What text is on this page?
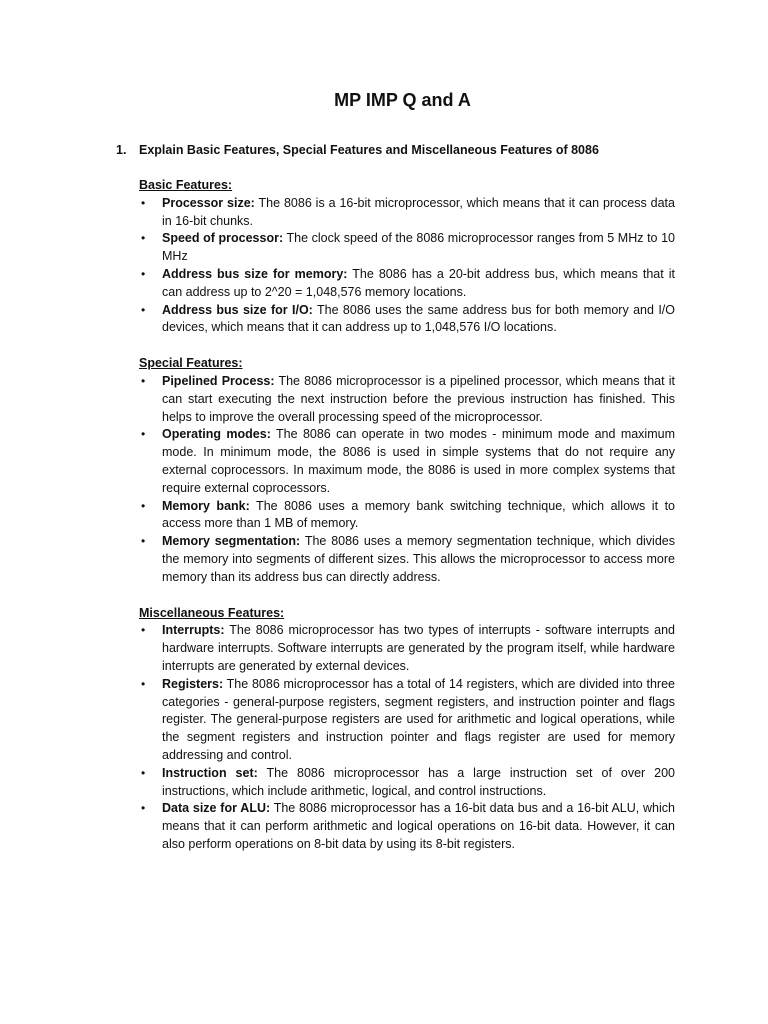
MP IMP Q and A
1.	Explain Basic Features, Special Features and Miscellaneous Features of 8086

Basic Features:

• Processor size: The 8086 is a 16-bit microprocessor, which means that it can process data in 16-bit chunks.
• Speed of processor: The clock speed of the 8086 microprocessor ranges from 5 MHz to 10 MHz
• Address bus size for memory: The 8086 has a 20-bit address bus, which means that it can address up to 2^20 = 1,048,576 memory locations.
• Address bus size for I/O: The 8086 uses the same address bus for both memory and I/O devices, which means that it can address up to 1,048,576 I/O locations.

Special Features:

• Pipelined Process: The 8086 microprocessor is a pipelined processor, which means that it can start executing the next instruction before the previous instruction has finished. This helps to improve the overall processing speed of the microprocessor.
• Operating modes: The 8086 can operate in two modes - minimum mode and maximum mode. In minimum mode, the 8086 is used in simple systems that do not require any external coprocessors. In maximum mode, the 8086 is used in more complex systems that require external coprocessors.
• Memory bank: The 8086 uses a memory bank switching technique, which allows it to access more than 1 MB of memory.
• Memory segmentation: The 8086 uses a memory segmentation technique, which divides the memory into segments of different sizes. This allows the microprocessor to access more memory than its address bus can directly address.

Miscellaneous Features:

• Interrupts: The 8086 microprocessor has two types of interrupts - software interrupts and hardware interrupts. Software interrupts are generated by the program itself, while hardware interrupts are generated by external devices.
• Registers: The 8086 microprocessor has a total of 14 registers, which are divided into three categories - general-purpose registers, segment registers, and instruction pointer and flags register. The general-purpose registers are used for arithmetic and logical operations, while the segment registers and instruction pointer and flags register are used for memory addressing and control.
• Instruction set: The 8086 microprocessor has a large instruction set of over 200 instructions, which include arithmetic, logical, and control instructions.
• Data size for ALU: The 8086 microprocessor has a 16-bit data bus and a 16-bit ALU, which means that it can perform arithmetic and logical operations on 16-bit data. However, it can also perform operations on 8-bit data by using its 8-bit registers.
